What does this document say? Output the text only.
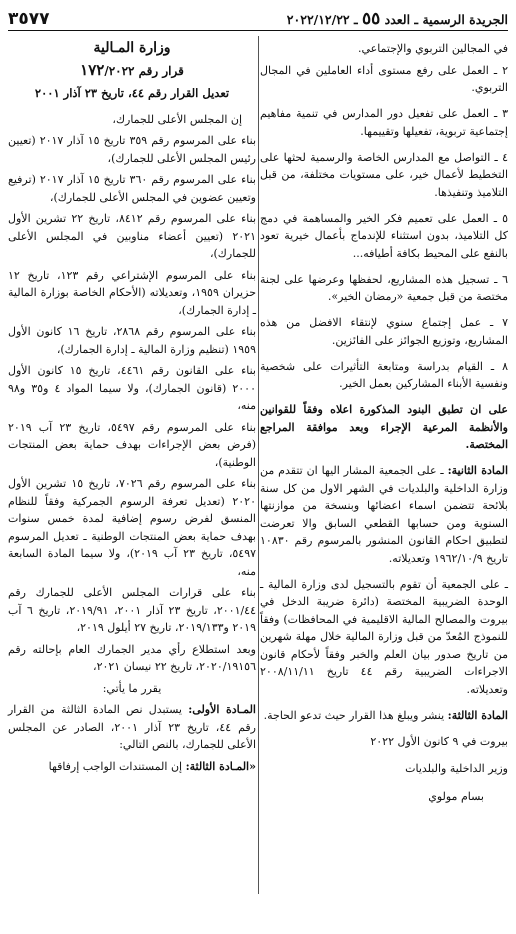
الجريدة الرسمية ـ العدد ٥٥ ـ ٢٠٢٢/١٢/٢٢
٣٥٧٧

في المجالين التربوي والإجتماعي.

٢ ـ العمل على رفع مستوى أداء العاملين في المجال التربوي.

٣ ـ العمل على تفعيل دور المدارس في تنمية مفاهيم إجتماعية تربوية، تفعيلها وتقييمها.

٤ ـ التواصل مع المدارس الخاصة والرسمية لحثها على التخطيط لأعمال خير، على مستويات مختلفة، من قبل التلاميذ وتنفيذها.

٥ ـ العمل على تعميم فكر الخير والمساهمة في دمج كل التلاميذ، بدون استثناء للإندماج بأعمال خيرية تعود بالنفع على المحيط بكافة أطيافه...

٦ ـ تسجيل هذه المشاريع، لحفظها وعرضها على لجنة مختصة من قبل جمعية «رمضان الخير».

٧ ـ عمل إجتماع سنوي لإنتقاء الافضل من هذه المشاريع، وتوزيع الجوائز على الفائزين.

٨ ـ القيام بدراسة ومتابعة التأثيرات على شخصية ونفسية الأبناء المشاركين بعمل الخير.

على ان تطبق البنود المذكورة اعلاه وفقاً للقوانين والأنظمة المرعية الإجراء وبعد موافقة المراجع المختصة.

المادة الثانية: ـ على الجمعية المشار اليها ان تتقدم من وزارة الداخلية والبلديات في الشهر الاول من كل سنة بلائحة تتضمن اسماء اعضائها وبنسخة من موازنتها السنوية ومن حسابها القطعي السابق والا تعرضت لتطبيق احكام القانون المنشور بالمرسوم رقم ١٠٨٣٠ تاريخ ١٩٦٢/١٠/٩ وتعديلاته.

ـ على الجمعية أن تقوم بالتسجيل لدى وزارة المالية ـ الوحدة الضريبية المختصة (دائرة ضريبة الدخل في بيروت والمصالح المالية الاقليمية في المحافظات) وفقاً للنموذج المُعدّ من قبل وزارة المالية خلال مهلة شهرين من تاريخ صدور بيان العلم والخبر وفقاً لأحكام قانون الاجراءات الضريبية رقم ٤٤ تاريخ ٢٠٠٨/١١/١١ وتعديلاته.

المادة الثالثة: ينشر ويبلغ هذا القرار حيث تدعو الحاجة.

بيروت في ٩ كانون الأول ٢٠٢٢

وزير الداخلية والبلديات

بسام مولوي

وزارة المـالية
قرار رقم ١٧٢/٢٠٢٢
تعديل القرار رقم ٤٤، تاريخ ٢٣ آذار ٢٠٠١

إن المجلس الأعلى للجمارك،

بناء على المرسوم رقم ٣٥٩ تاريخ ١٥ آذار ٢٠١٧ (تعيين رئيس المجلس الأعلى للجمارك)،

بناء على المرسوم رقم ٣٦٠ تاريخ ١٥ آذار ٢٠١٧ (ترفيع وتعيين عضوين في المجلس الأعلى للجمارك)،

بناء على المرسوم رقم ٨٤١٢، تاريخ ٢٢ تشرين الأول ٢٠٢١ (تعيين أعضاء مناوبين في المجلس الأعلى للجمارك)،

بناء على المرسوم الإشتراعي رقم ١٢٣، تاريخ ١٢ حزيران ١٩٥٩، وتعديلاته (الأحكام الخاصة بوزارة المالية ـ إدارة الجمارك)،

بناء على المرسوم رقم ٢٨٦٨، تاريخ ١٦ كانون الأول ١٩٥٩ (تنظيم وزارة المالية ـ إدارة الجمارك)،

بناء على القانون رقم ٤٤٦١، تاريخ ١٥ كانون الأول ٢٠٠٠ (قانون الجمارك)، ولا سيما المواد ٤ و٣٥ و٩٨ منه،

بناء على المرسوم رقم ٥٤٩٧، تاريخ ٢٣ آب ٢٠١٩ (فرض بعض الإجراءات بهدف حماية بعض المنتجات الوطنية)،

بناء على المرسوم رقم ٧٠٢٦، تاريخ ١٥ تشرين الأول ٢٠٢٠ (تعديل تعرفة الرسوم الجمركية وفقاً للنظام المنسق لفرض رسوم إضافية لمدة خمس سنوات بهدف حماية بعض المنتجات الوطنية ـ تعديل المرسوم ٥٤٩٧، تاريخ ٢٣ آب ٢٠١٩)، ولا سيما المادة السابعة منه،

بناء على قرارات المجلس الأعلى للجمارك رقم ٢٠٠١/٤٤، تاريخ ٢٣ آذار ٢٠٠١، ٢٠١٩/٩١، تاريخ ٦ آب ٢٠١٩ و٢٠١٩/١٣٣، تاريخ ٢٧ أيلول ٢٠١٩،

وبعد استطلاع رأي مدير الجمارك العام بإحالته رقم ٢٠٢٠/١٩١٥٦، تاريخ ٢٢ نيسان ٢٠٢١،

يقرر ما يأتي:

المـادة الأولى: يستبدل نص المادة الثالثة من القرار رقم ٤٤، تاريخ ٢٣ آذار ٢٠٠١، الصادر عن المجلس الأعلى للجمارك، بالنص التالي:

«المـادة الثالثة: إن المستندات الواجب إرفاقها
